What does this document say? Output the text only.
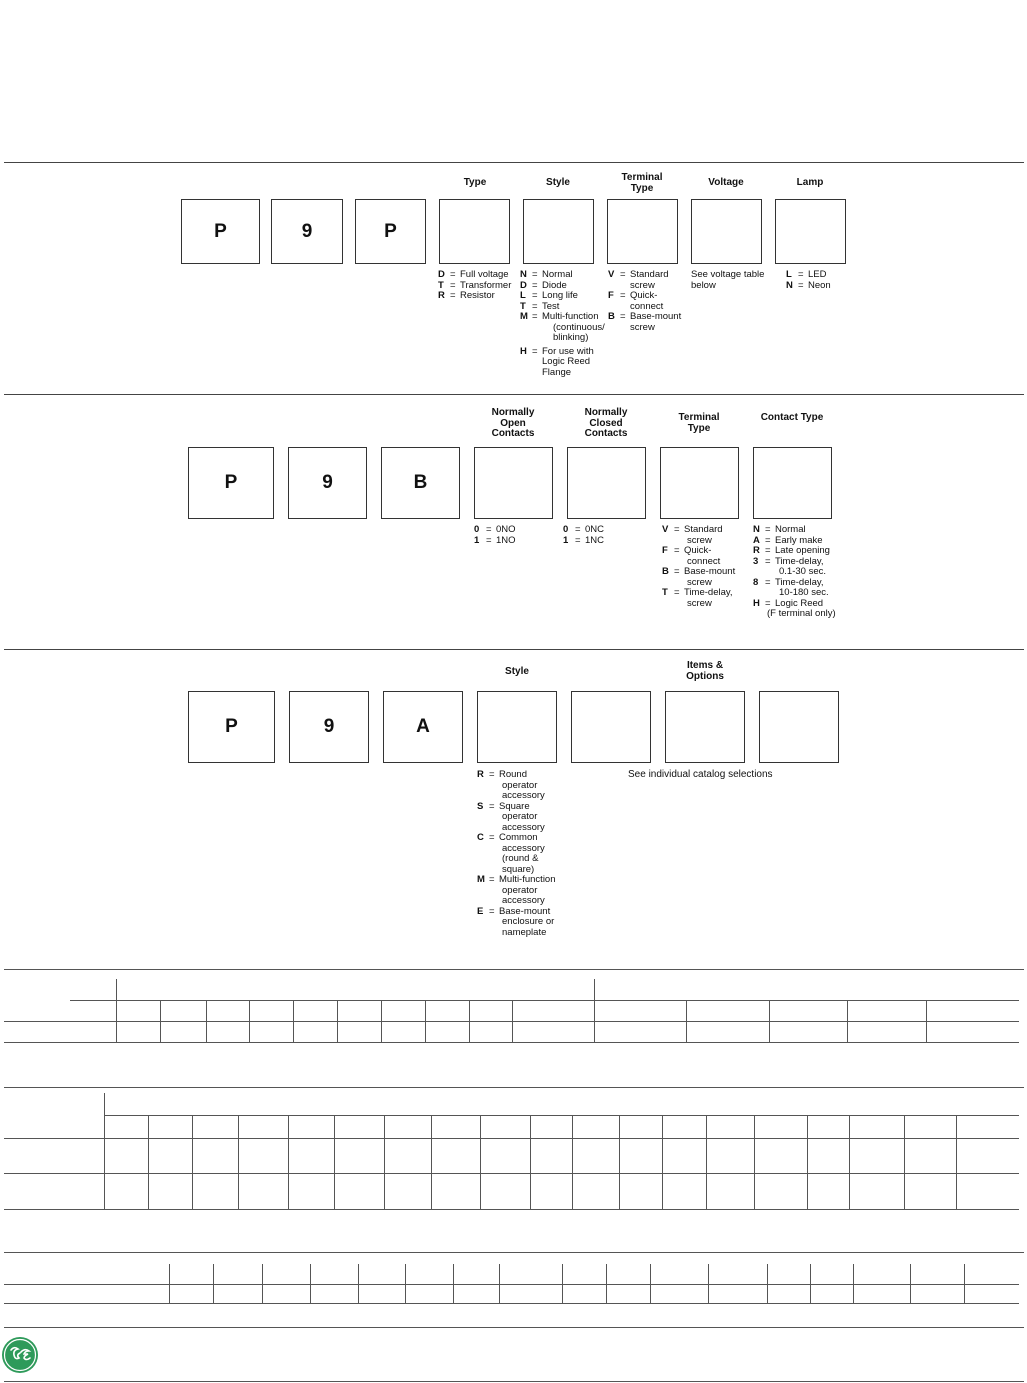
Type	Style	Terminal Type	Voltage	Lamp
P	9	P
D = Full voltage
T = Transformer
R = Resistor
N = Normal
D = Diode
L = Long life
T = Test
M = Multi-function
(continuous/
blinking)
H = For use with
Logic Reed
Flange
V = Standard
screw
F = Quick-
connect
B = Base-mount
screw
See voltage table
below
L = LED
N = Neon
Normally Open Contacts
Normally Closed Contacts
Terminal Type
Contact Type
P	9	B
0 = 0NO
1 = 1NO
0 = 0NC
1 = 1NC
V = Standard
screw
F = Quick-
connect
B = Base-mount
screw
T = Time-delay,
screw
N = Normal
A = Early make
R = Late opening
3 = Time-delay,
0.1-30 sec.
8 = Time-delay,
10-180 sec.
H = Logic Reed
(F terminal only)
Style
Items & Options
P	9	A
R = Round
operator
accessory
S = Square
operator
accessory
C = Common
accessory
(round &
square)
M = Multi-function
operator
accessory
E = Base-mount
enclosure or
nameplate
See individual catalog selections
